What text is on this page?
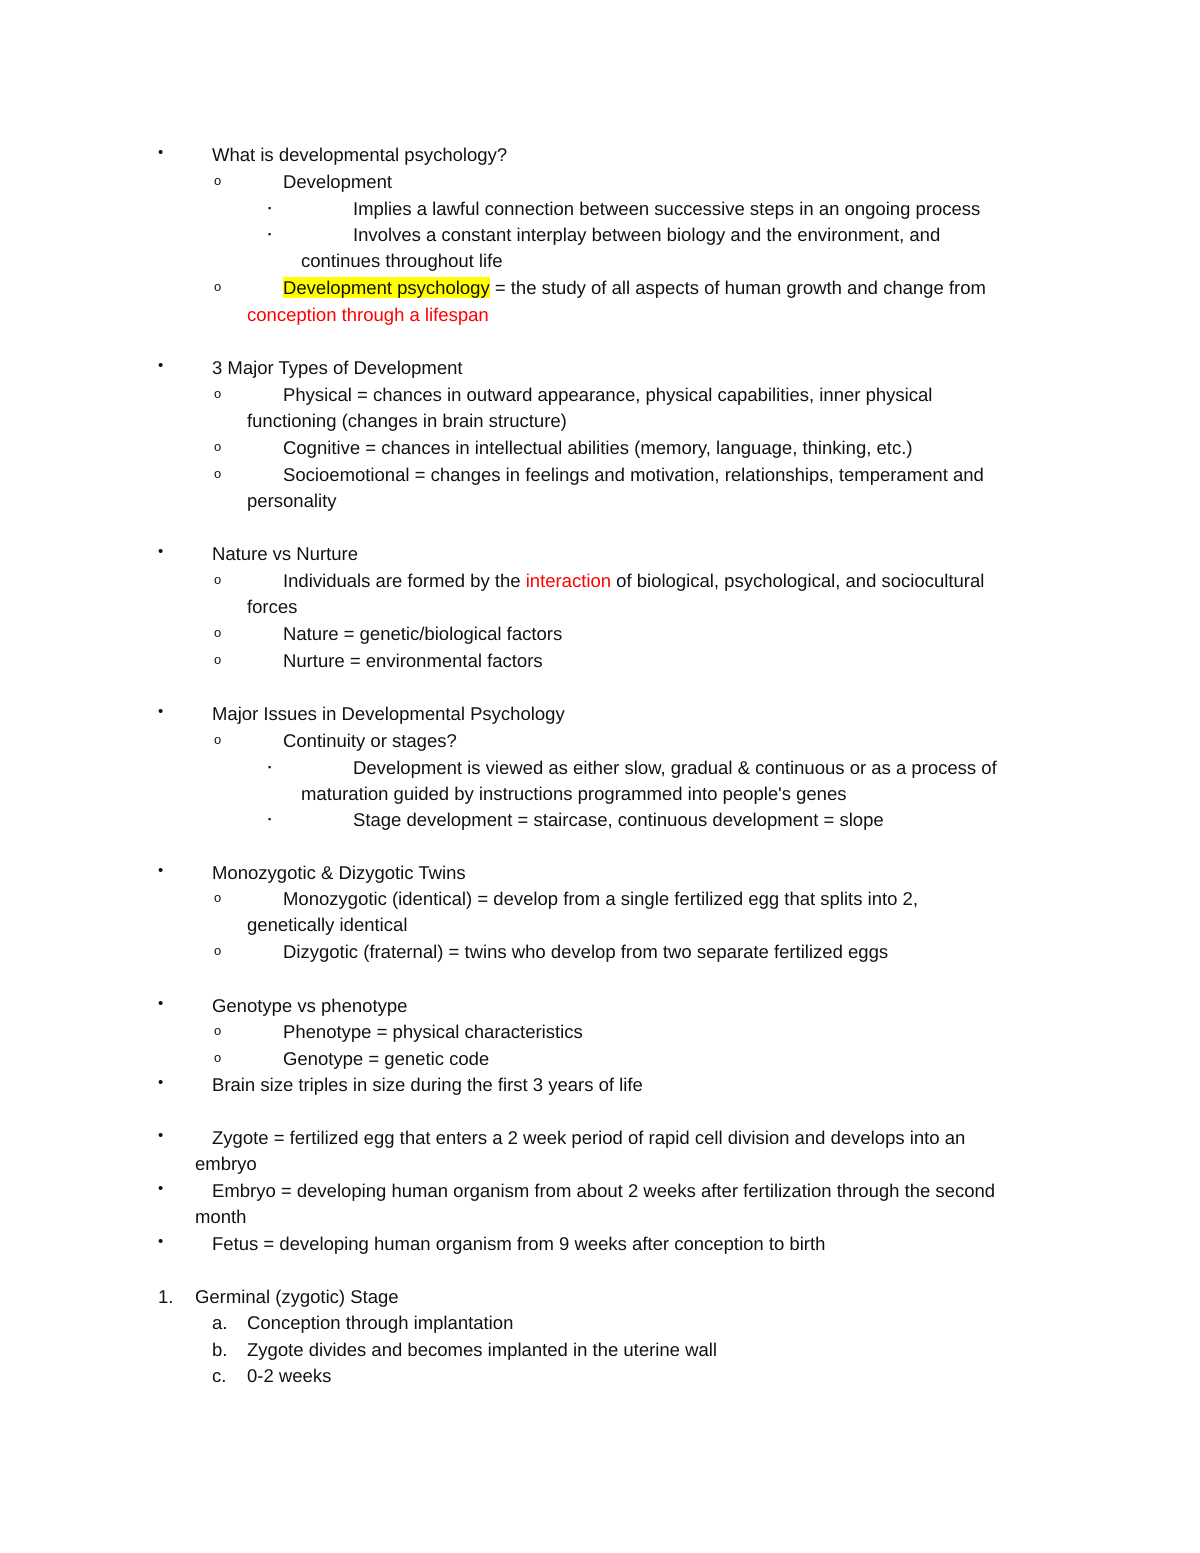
•	What is developmental psychology?
o	Development
▪	Implies a lawful connection between successive steps in an ongoing process
▪	Involves a constant interplay between biology and the environment, and
continues throughout life
o	Development psychology = the study of all aspects of human growth and change from
conception through a lifespan
•	3 Major Types of Development
o	Physical = chances in outward appearance, physical capabilities, inner physical
functioning (changes in brain structure)
o	Cognitive = chances in intellectual abilities (memory, language, thinking, etc.)
o	Socioemotional = changes in feelings and motivation, relationships, temperament and
personality
•	Nature vs Nurture
o	Individuals are formed by the interaction of biological, psychological, and sociocultural
forces
o	Nature = genetic/biological factors
o	Nurture = environmental factors
•	Major Issues in Developmental Psychology
o	Continuity or stages?
▪	Development is viewed as either slow, gradual & continuous or as a process of
maturation guided by instructions programmed into people's genes
▪	Stage development = staircase, continuous development = slope
•	Monozygotic & Dizygotic Twins
o	Monozygotic (identical) = develop from a single fertilized egg that splits into 2,
genetically identical
o	Dizygotic (fraternal) = twins who develop from two separate fertilized eggs
•	Genotype vs phenotype
o	Phenotype = physical characteristics
o	Genotype = genetic code
•	Brain size triples in size during the first 3 years of life
•	Zygote = fertilized egg that enters a 2 week period of rapid cell division and develops into an
embryo
•	Embryo = developing human organism from about 2 weeks after fertilization through the second
month
•	Fetus = developing human organism from 9 weeks after conception to birth
1. Germinal (zygotic) Stage
a. Conception through implantation
b. Zygote divides and becomes implanted in the uterine wall
c. 0-2 weeks
